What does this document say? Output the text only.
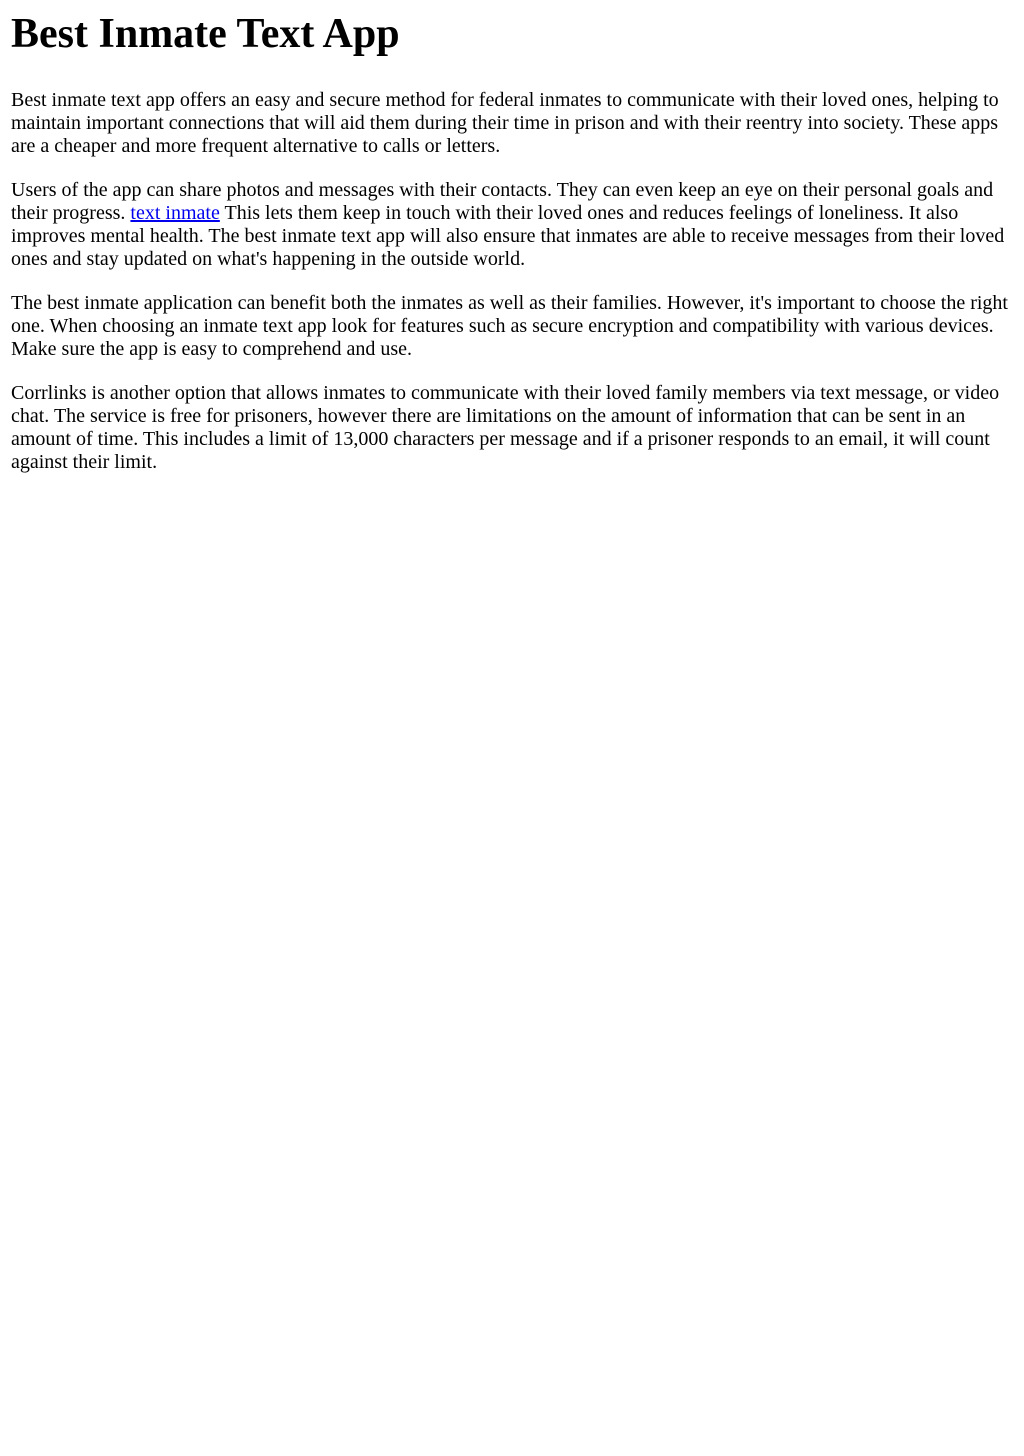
Best Inmate Text App

Best inmate text app offers an easy and secure method for federal inmates to communicate with their loved ones, helping to maintain important connections that will aid them during their time in prison and with their reentry into society. These apps are a cheaper and more frequent alternative to calls or letters.

Users of the app can share photos and messages with their contacts. They can even keep an eye on their personal goals and their progress. text inmate This lets them keep in touch with their loved ones and reduces feelings of loneliness. It also improves mental health. The best inmate text app will also ensure that inmates are able to receive messages from their loved ones and stay updated on what's happening in the outside world.

The best inmate application can benefit both the inmates as well as their families. However, it's important to choose the right one. When choosing an inmate text app look for features such as secure encryption and compatibility with various devices. Make sure the app is easy to comprehend and use.

Corrlinks is another option that allows inmates to communicate with their loved family members via text message, or video chat. The service is free for prisoners, however there are limitations on the amount of information that can be sent in an amount of time. This includes a limit of 13,000 characters per message and if a prisoner responds to an email, it will count against their limit.
